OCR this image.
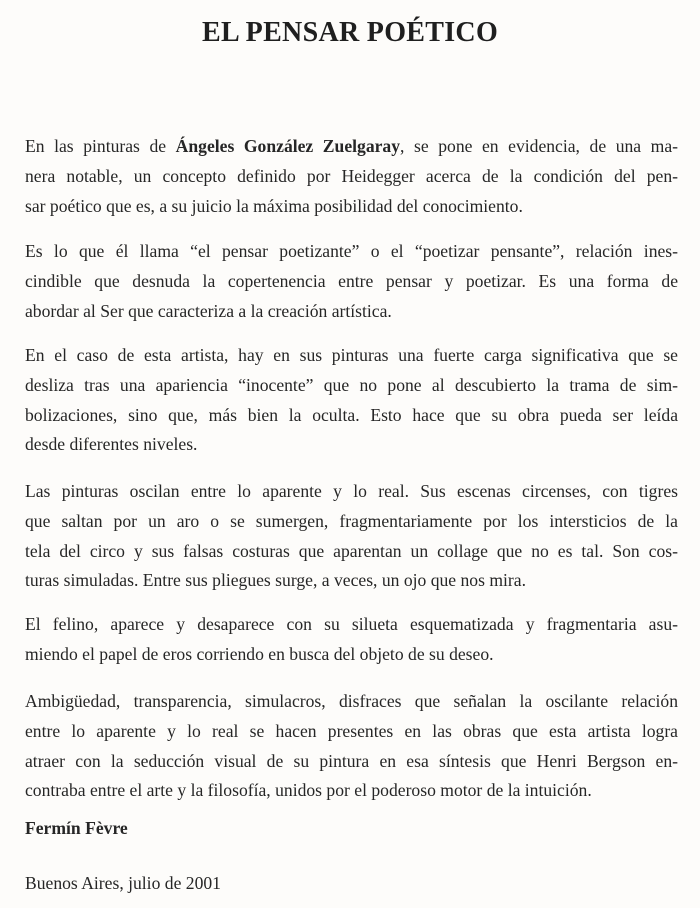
EL PENSAR POÉTICO

En las pinturas de Ángeles González Zuelgaray, se pone en evidencia, de una ma-
nera notable, un concepto definido por Heidegger acerca de la condición del pen-
sar poético que es, a su juicio la máxima posibilidad del conocimiento.

Es lo que él llama “el pensar poetizante” o el “poetizar pensante”, relación ines-
cindible que desnuda la copertenencia entre pensar y poetizar. Es una forma de
abordar al Ser que caracteriza a la creación artística.

En el caso de esta artista, hay en sus pinturas una fuerte carga significativa que se
desliza tras una apariencia “inocente” que no pone al descubierto la trama de sim-
bolizaciones, sino que, más bien la oculta. Esto hace que su obra pueda ser leída
desde diferentes niveles.

Las pinturas oscilan entre lo aparente y lo real. Sus escenas circenses, con tigres
que saltan por un aro o se sumergen, fragmentariamente por los intersticios de la
tela del circo y sus falsas costuras que aparentan un collage que no es tal. Son cos-
turas simuladas. Entre sus pliegues surge, a veces, un ojo que nos mira.

El felino, aparece y desaparece con su silueta esquematizada y fragmentaria asu-
miendo el papel de eros corriendo en busca del objeto de su deseo.

Ambigüedad, transparencia, simulacros, disfraces que señalan la oscilante relación
entre lo aparente y lo real se hacen presentes en las obras que esta artista logra
atraer con la seducción visual de su pintura en esa síntesis que Henri Bergson en-
contraba entre el arte y la filosofía, unidos por el poderoso motor de la intuición.

Fermín Fèvre

Buenos Aires, julio de 2001
